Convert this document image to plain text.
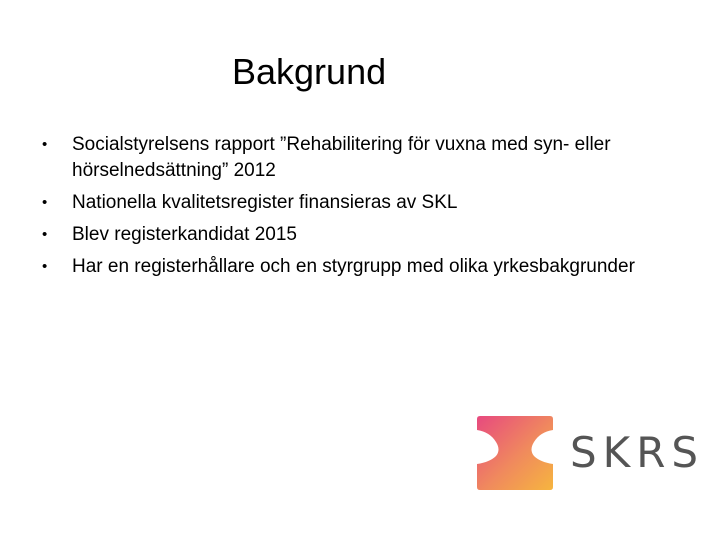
Bakgrund
•	Socialstyrelsens rapport ”Rehabilitering för vuxna med syn- eller hörselnedsättning” 2012
•	Nationella kvalitetsregister finansieras av SKL
•	Blev registerkandidat 2015
•	Har en registerhållare och en styrgrupp med olika yrkesbakgrunder
SKRS
